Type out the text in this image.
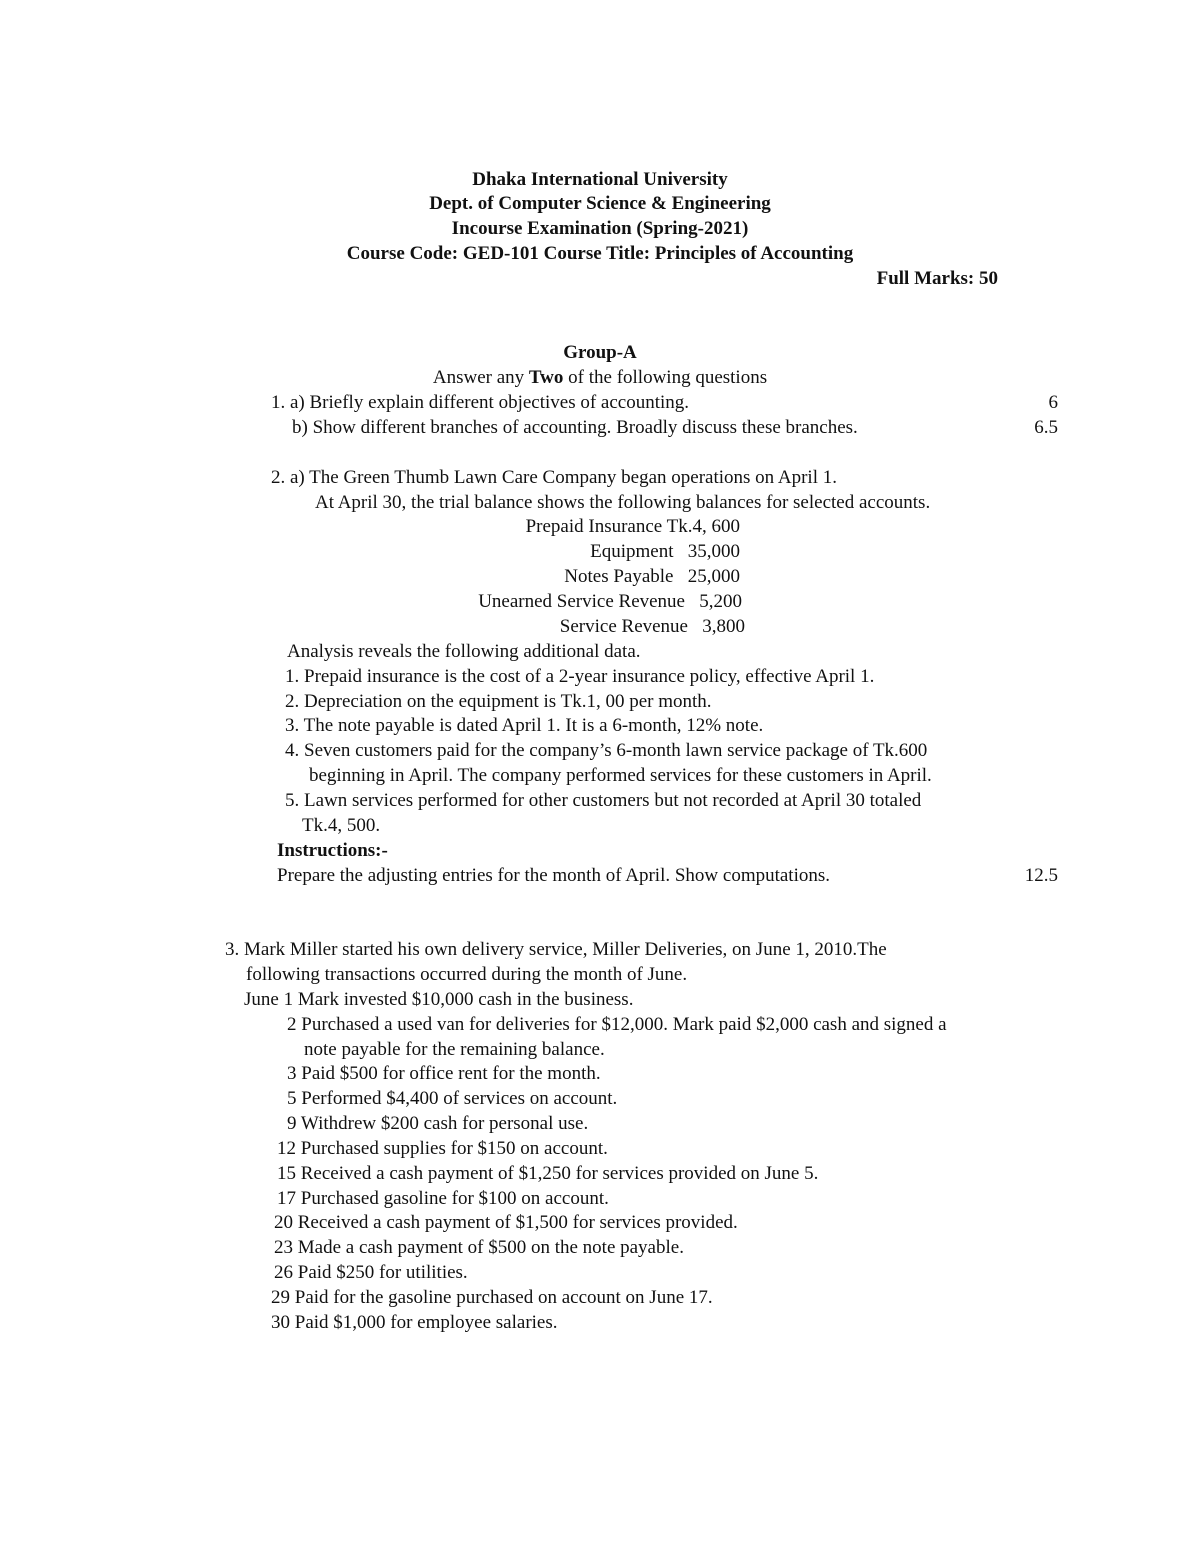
Dhaka International University
Dept. of Computer Science & Engineering
Incourse Examination (Spring-2021)
Course Code: GED-101 Course Title: Principles of Accounting
Full Marks: 50
Group-A
Answer any Two of the following questions
1. a) Briefly explain different objectives of accounting.	6
b) Show different branches of accounting. Broadly discuss these branches.	6.5
2. a) The Green Thumb Lawn Care Company began operations on April 1.
At April 30, the trial balance shows the following balances for selected accounts.
Prepaid Insurance Tk.4, 600
Equipment   35,000
Notes Payable   25,000
Unearned Service Revenue   5,200
Service Revenue   3,800
Analysis reveals the following additional data.
1. Prepaid insurance is the cost of a 2-year insurance policy, effective April 1.
2. Depreciation on the equipment is Tk.1, 00 per month.
3. The note payable is dated April 1. It is a 6-month, 12% note.
4. Seven customers paid for the company’s 6-month lawn service package of Tk.600
beginning in April. The company performed services for these customers in April.
5. Lawn services performed for other customers but not recorded at April 30 totaled
Tk.4, 500.
Instructions:-
Prepare the adjusting entries for the month of April. Show computations.	12.5
3. Mark Miller started his own delivery service, Miller Deliveries, on June 1, 2010.The
following transactions occurred during the month of June.
June 1 Mark invested $10,000 cash in the business.
2 Purchased a used van for deliveries for $12,000. Mark paid $2,000 cash and signed a
note payable for the remaining balance.
3 Paid $500 for office rent for the month.
5 Performed $4,400 of services on account.
9 Withdrew $200 cash for personal use.
12 Purchased supplies for $150 on account.
15 Received a cash payment of $1,250 for services provided on June 5.
17 Purchased gasoline for $100 on account.
20 Received a cash payment of $1,500 for services provided.
23 Made a cash payment of $500 on the note payable.
26 Paid $250 for utilities.
29 Paid for the gasoline purchased on account on June 17.
30 Paid $1,000 for employee salaries.
